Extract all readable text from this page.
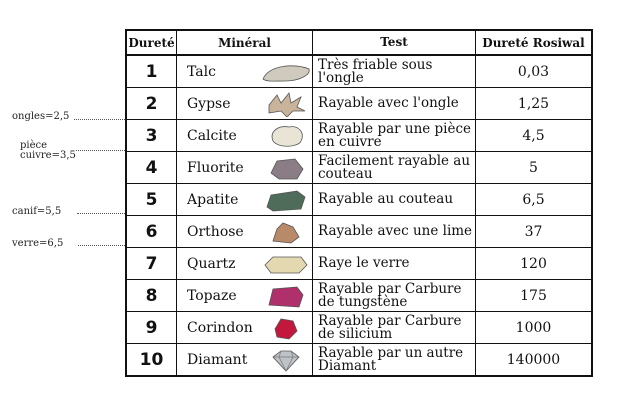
Dureté	Minéral	Test	Dureté Rosiwal
1 Talc	Très friable sous l'ongle	0,03
2 Gypse	Rayable avec l'ongle	1,25
3 Calcite	Rayable par une pièce en cuivre	4,5
4 Fluorite	Facilement rayable au couteau	5
5 Apatite	Rayable au couteau	6,5
6 Orthose	Rayable avec une lime	37
7 Quartz	Raye le verre	120
8 Topaze	Rayable par Carbure de tungstène	175
9 Corindon	Rayable par Carbure de silicium	1000
10 Diamant	Rayable par un autre Diamant	140000
ongles=2,5
pièce
cuivre=3,5
canif=5,5
verre=6,5
